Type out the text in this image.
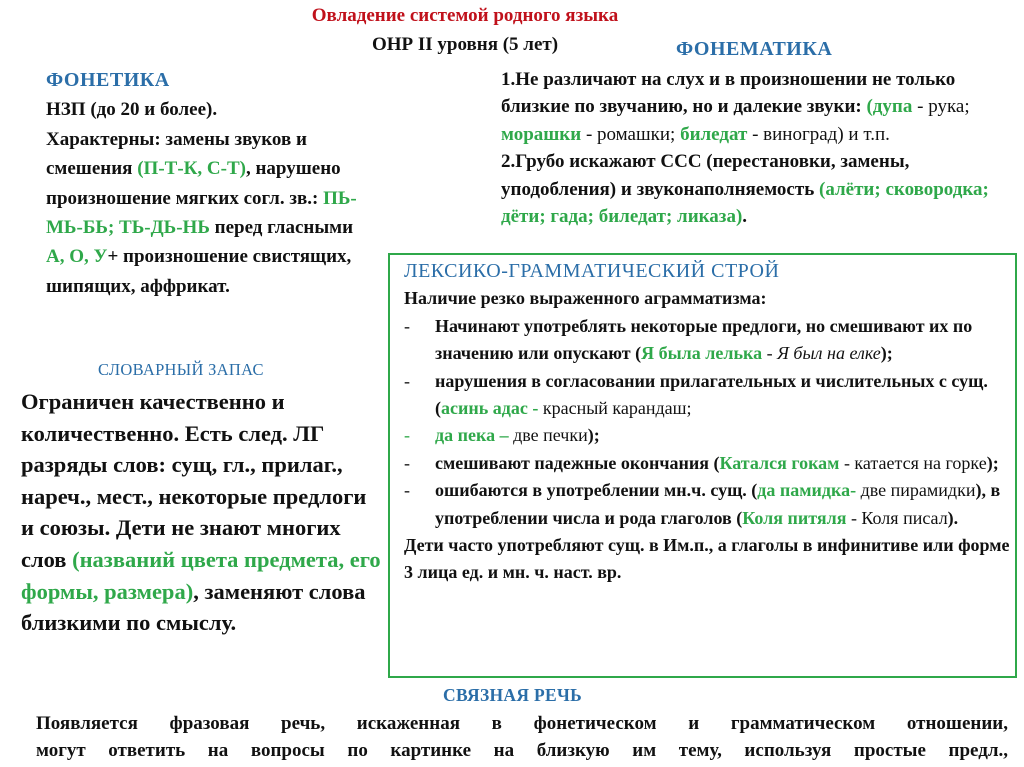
Овладение системой родного языка
ОНР II уровня (5 лет)
ФОНЕТИКА
НЗП (до 20 и более).
Характерны: замены звуков и смешения (П-Т-К, С-Т), нарушено произношение мягких согл. зв.: ПЬ-МЬ-БЬ; ТЬ-ДЬ-НЬ перед гласными А, О, У+ произношение свистящих, шипящих, аффрикат.
ФОНЕМАТИКА
1.Не различают на слух и в произношении не только близкие по звучанию, но и далекие звуки: (дупа - рука; морашки - ромашки; биледат - виноград) и т.п.
2.Грубо искажают ССС (перестановки, замены, уподобления) и звуконаполняемость (алёти; сковородка; дёти; гада; биледат; ликаза).
СЛОВАРНЫЙ ЗАПАС
Ограничен качественно и количественно. Есть след. ЛГ разряды слов: сущ, гл., прилаг., нареч., мест., некоторые предлоги и союзы. Дети не знают многих слов (названий цвета предмета, его формы, размера), заменяют слова близкими по смыслу.
ЛЕКСИКО-ГРАММАТИЧЕСКИЙ СТРОЙ
Наличие резко выраженного аграмматизма:
- Начинают употреблять некоторые предлоги, но смешивают их по значению или опускают (Я была лелька - Я был на елке);
- нарушения в согласовании прилагательных и числительных с сущ. (асинь адас - красный карандаш;
- да пека – две печки);
- смешивают падежные окончания (Катался гокам - катается на горке);
- ошибаются в употреблении мн.ч. сущ. (да памидка- две пирамидки), в употреблении числа и рода глаголов (Коля питяля - Коля писал).
Дети часто употребляют сущ. в Им.п., а глаголы в инфинитиве или форме 3 лица ед. и мн. ч. наст. вр.
СВЯЗНАЯ РЕЧЬ
Появляется фразовая речь, искаженная в фонетическом и грамматическом отношении,
могут ответить на вопросы по картинке на близкую им тему, используя простые предл.,
